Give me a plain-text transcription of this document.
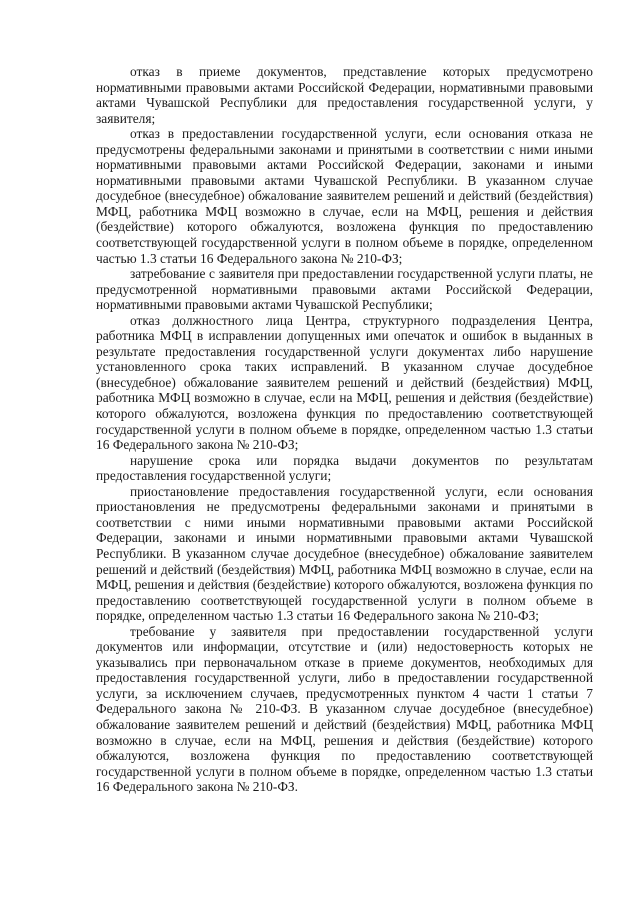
отказ в приеме документов, представление которых предусмотрено нормативными правовыми актами Российской Федерации, нормативными правовыми актами Чувашской Республики для предоставления государственной услуги, у заявителя;

отказ в предоставлении государственной услуги, если основания отказа не предусмотрены федеральными законами и принятыми в соответствии с ними иными нормативными правовыми актами Российской Федерации, законами и иными нормативными правовыми актами Чувашской Республики. В указанном случае досудебное (внесудебное) обжалование заявителем решений и действий (бездействия) МФЦ, работника МФЦ возможно в случае, если на МФЦ, решения и действия (бездействие) которого обжалуются, возложена функция по предоставлению соответствующей государственной услуги в полном объеме в порядке, определенном частью 1.3 статьи 16 Федерального закона № 210-ФЗ;

затребование с заявителя при предоставлении государственной услуги платы, не предусмотренной нормативными правовыми актами Российской Федерации, нормативными правовыми актами Чувашской Республики;

отказ должностного лица Центра, структурного подразделения Центра, работника МФЦ в исправлении допущенных ими опечаток и ошибок в выданных в результате предоставления государственной услуги документах либо нарушение установленного срока таких исправлений. В указанном случае досудебное (внесудебное) обжалование заявителем решений и действий (бездействия) МФЦ, работника МФЦ возможно в случае, если на МФЦ, решения и действия (бездействие) которого обжалуются, возложена функция по предоставлению соответствующей государственной услуги в полном объеме в порядке, определенном частью 1.3 статьи 16 Федерального закона № 210-ФЗ;

нарушение срока или порядка выдачи документов по результатам предоставления государственной услуги;

приостановление предоставления государственной услуги, если основания приостановления не предусмотрены федеральными законами и принятыми в соответствии с ними иными нормативными правовыми актами Российской Федерации, законами и иными нормативными правовыми актами Чувашской Республики. В указанном случае досудебное (внесудебное) обжалование заявителем решений и действий (бездействия) МФЦ, работника МФЦ возможно в случае, если на МФЦ, решения и действия (бездействие) которого обжалуются, возложена функция по предоставлению соответствующей государственной услуги в полном объеме в порядке, определенном частью 1.3 статьи 16 Федерального закона № 210-ФЗ;

требование у заявителя при предоставлении государственной услуги документов или информации, отсутствие и (или) недостоверность которых не указывались при первоначальном отказе в приеме документов, необходимых для предоставления государственной услуги, либо в предоставлении государственной услуги, за исключением случаев, предусмотренных пунктом 4 части 1 статьи 7 Федерального закона № 210-ФЗ. В указанном случае досудебное (внесудебное) обжалование заявителем решений и действий (бездействия) МФЦ, работника МФЦ возможно в случае, если на МФЦ, решения и действия (бездействие) которого обжалуются, возложена функция по предоставлению соответствующей государственной услуги в полном объеме в порядке, определенном частью 1.3 статьи 16 Федерального закона № 210-ФЗ.
